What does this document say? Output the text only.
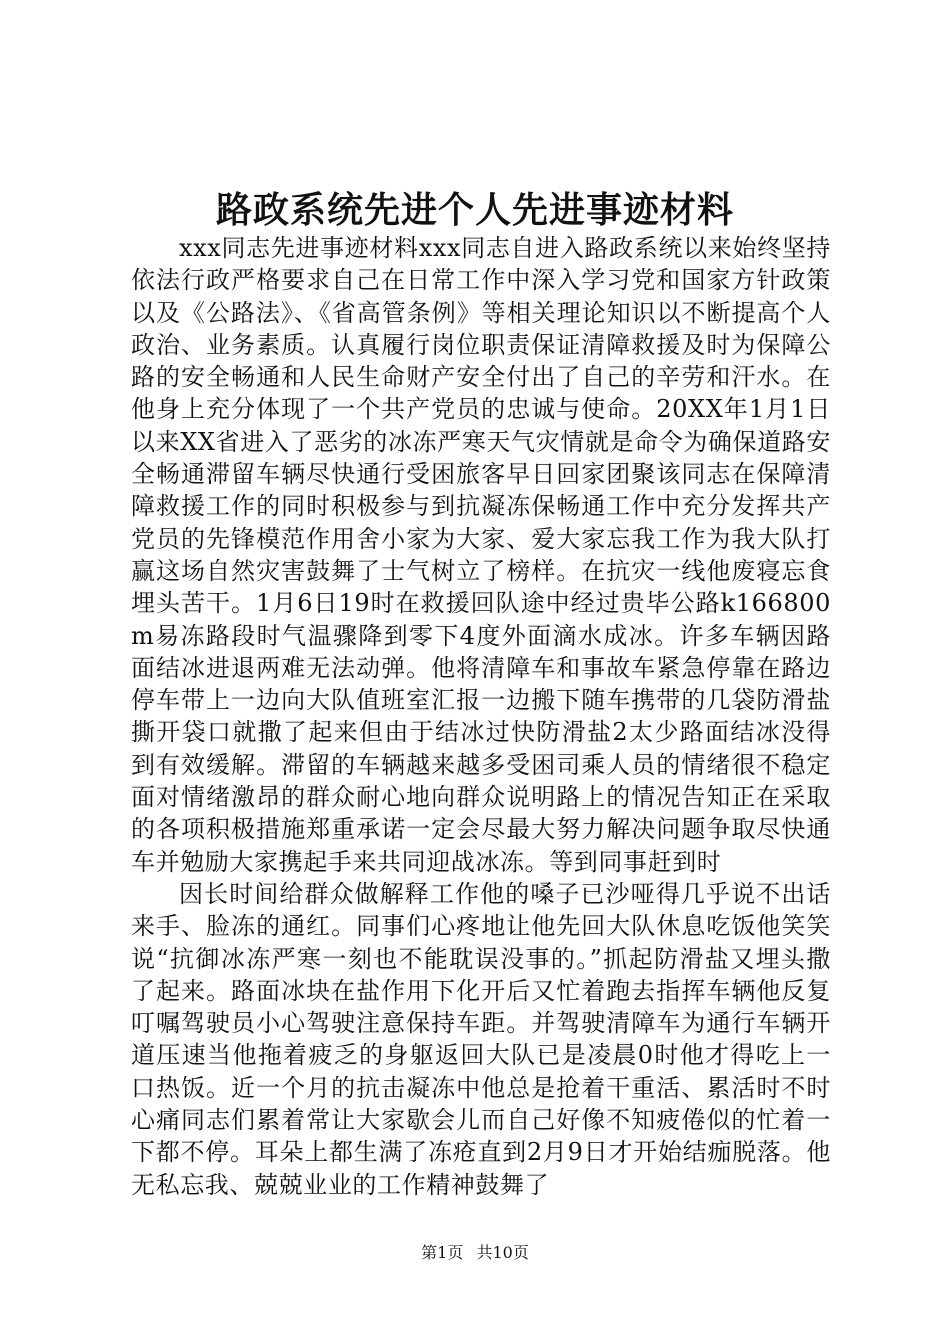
路政系统先进个人先进事迹材料

xxx同志先进事迹材料xxx同志自进入路政系统以来始终坚持依法行政严格要求自己在日常工作中深入学习党和国家方针政策以及《公路法》、《省高管条例》等相关理论知识以不断提高个人政治、业务素质。认真履行岗位职责保证清障救援及时为保障公路的安全畅通和人民生命财产安全付出了自己的辛劳和汗水。在他身上充分体现了一个共产党员的忠诚与使命。20XX年1月1日以来XX省进入了恶劣的冰冻严寒天气灾情就是命令为确保道路安全畅通滞留车辆尽快通行受困旅客早日回家团聚该同志在保障清障救援工作的同时积极参与到抗凝冻保畅通工作中充分发挥共产党员的先锋模范作用舍小家为大家、爱大家忘我工作为我大队打赢这场自然灾害鼓舞了士气树立了榜样。在抗灾一线他废寝忘食埋头苦干。1月6日19时在救援回队途中经过贵毕公路k166800m易冻路段时气温骤降到零下4度外面滴水成冰。许多车辆因路面结冰进退两难无法动弹。他将清障车和事故车紧急停靠在路边停车带上一边向大队值班室汇报一边搬下随车携带的几袋防滑盐撕开袋口就撒了起来但由于结冰过快防滑盐2太少路面结冰没得到有效缓解。滞留的车辆越来越多受困司乘人员的情绪很不稳定面对情绪激昂的群众耐心地向群众说明路上的情况告知正在采取的各项积极措施郑重承诺一定会尽最大努力解决问题争取尽快通车并勉励大家携起手来共同迎战冰冻。等到同事赶到时

因长时间给群众做解释工作他的嗓子已沙哑得几乎说不出话来手、脸冻的通红。同事们心疼地让他先回大队休息吃饭他笑笑说“抗御冰冻严寒一刻也不能耽误没事的。”抓起防滑盐又埋头撒了起来。路面冰块在盐作用下化开后又忙着跑去指挥车辆他反复叮嘱驾驶员小心驾驶注意保持车距。并驾驶清障车为通行车辆开道压速当他拖着疲乏的身躯返回大队已是凌晨0时他才得吃上一口热饭。近一个月的抗击凝冻中他总是抢着干重活、累活时不时心痛同志们累着常让大家歇会儿而自己好像不知疲倦似的忙着一下都不停。耳朵上都生满了冻疮直到2月9日才开始结痂脱落。他无私忘我、兢兢业业的工作精神鼓舞了

第1页 共10页
